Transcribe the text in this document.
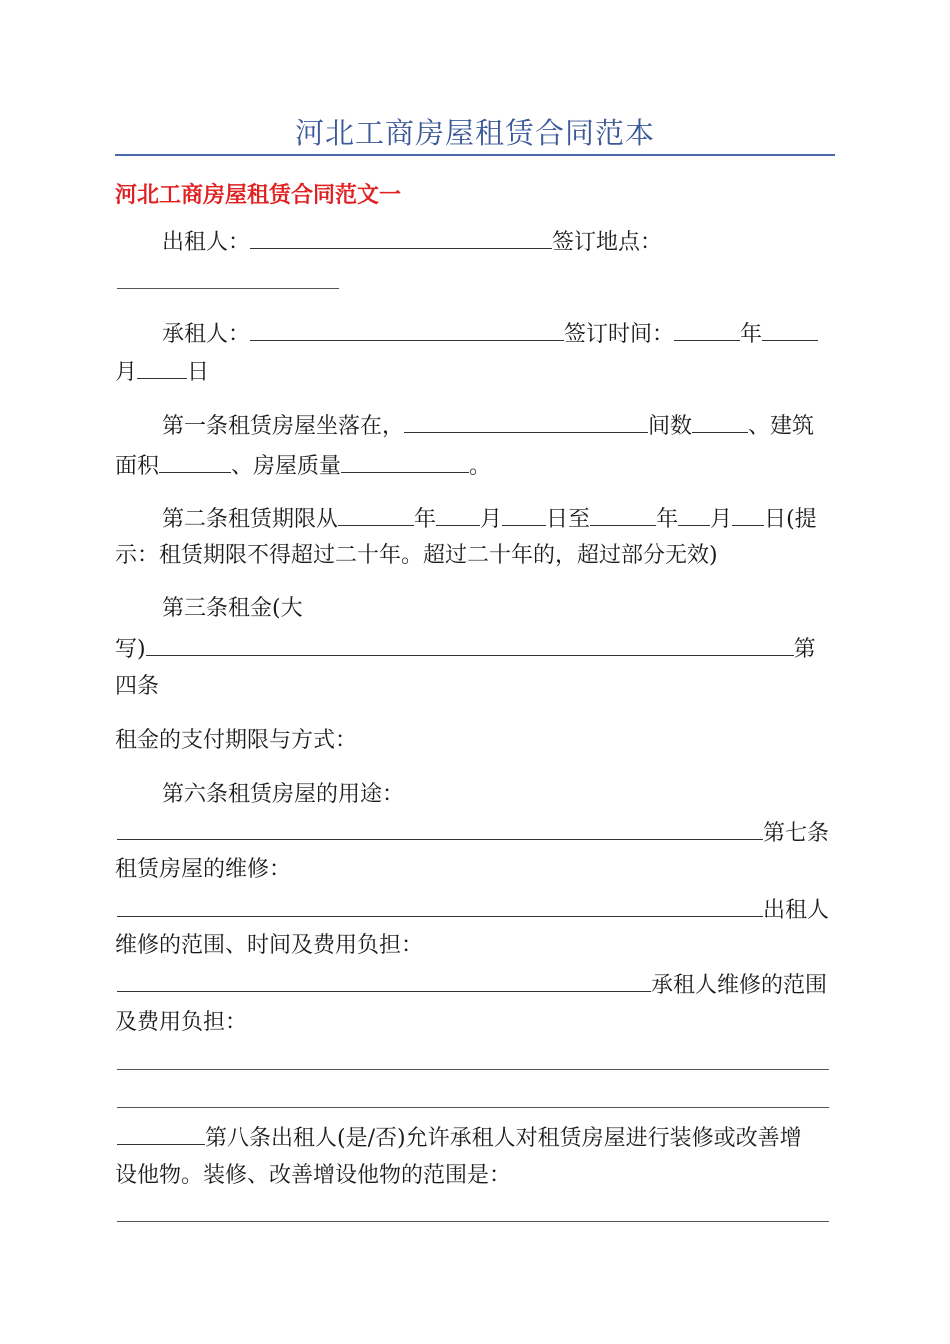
河北工商房屋租赁合同范本
河北工商房屋租赁合同范文一
出租人：	签订地点：
承租人：	签订时间：	年
月 日
第一条租赁房屋坐落在，	间数	、建筑
面积	、房屋质量	。
第二条租赁期限从	年 月 日至	年 月 日(提
示：租赁期限不得超过二十年。超过二十年的，超过部分无效)
第三条租金(大
写)	第
四条
租金的支付期限与方式：
第六条租赁房屋的用途：
第七条
租赁房屋的维修：
出租人
维修的范围、时间及费用负担：
承租人维修的范围
及费用负担：
第八条出租人(是/否)允许承租人对租赁房屋进行装修或改善增
设他物。装修、改善增设他物的范围是：
